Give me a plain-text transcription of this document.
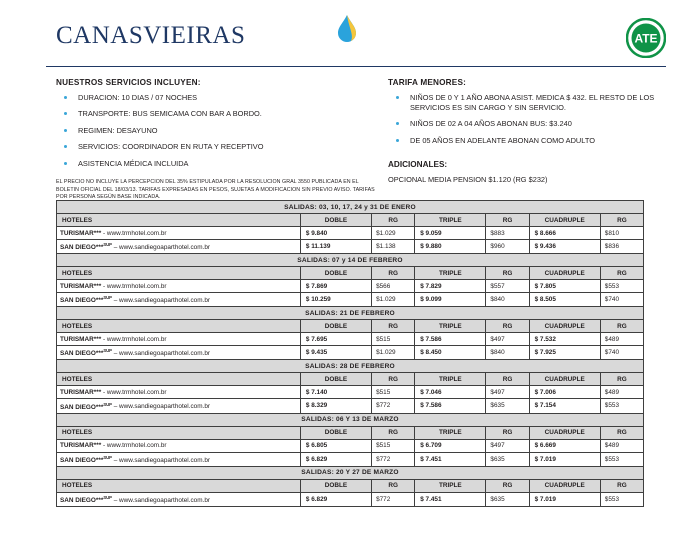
CANASVIEIRAS	ATE
NUESTROS SERVICIOS INCLUYEN:
DURACION: 10 DIAS / 07 NOCHES
TRANSPORTE: BUS SEMICAMA CON BAR A BORDO.
REGIMEN: DESAYUNO
SERVICIOS: COORDINADOR EN RUTA Y RECEPTIVO
ASISTENCIA MÉDICA INCLUIDA
EL PRECIO NO INCLUYE LA PERCEPCION DEL 35% ESTIPULADA POR LA RESOLUCION GRAL 3550 PUBLICADA EN EL BOLETIN OFICIAL DEL 18/03/13. TARIFAS EXPRESADAS EN PESOS, SUJETAS A MODIFICACION SIN PREVIO AVISO. TARIFAS POR PERSONA SEGÚN BASE INDICADA.
TARIFA MENORES:
NIÑOS DE 0 Y 1 AÑO ABONA ASIST. MEDICA $ 432. EL RESTO DE LOS SERVICIOS ES SIN CARGO Y SIN SERVICIO.
NIÑOS DE 02 A 04 AÑOS ABONAN BUS: $3.240
DE 05 AÑOS EN ADELANTE ABONAN COMO ADULTO
ADICIONALES:
OPCIONAL MEDIA PENSION $1.120 (RG $232)
SALIDAS: 03, 10, 17, 24 y 31 DE ENERO						
HOTELES	DOBLE	RG	TRIPLE	RG	CUADRUPLE	RG
TURISMAR*** - www.trmhotel.com.br	$ 9.840	$1.029	$ 9.059	$883	$ 8.666	$810
SAN DIEGO***$^{SUP}$ – www.sandiegoaparthotel.com.br	$ 11.139	$1.138	$ 9.880	$960	$ 9.436	$836
SALIDAS: 07 y 14 DE FEBRERO						
HOTELES	DOBLE	RG	TRIPLE	RG	CUADRUPLE	RG
TURISMAR*** - www.trmhotel.com.br	$ 7.869	$566	$ 7.829	$557	$ 7.805	$553
SAN DIEGO***$^{SUP}$ – www.sandiegoaparthotel.com.br	$ 10.259	$1.029	$ 9.099	$840	$ 8.505	$740
SALIDAS: 21 DE FEBRERO						
HOTELES	DOBLE	RG	TRIPLE	RG	CUADRUPLE	RG
TURISMAR*** - www.trmhotel.com.br	$ 7.695	$515	$ 7.586	$497	$ 7.532	$489
SAN DIEGO***$^{SUP}$ – www.sandiegoaparthotel.com.br	$ 9.435	$1.029	$ 8.450	$840	$ 7.925	$740
SALIDAS: 28 DE FEBRERO						
HOTELES	DOBLE	RG	TRIPLE	RG	CUADRUPLE	RG
TURISMAR*** - www.trmhotel.com.br	$ 7.140	$515	$ 7.046	$497	$ 7.006	$489
SAN DIEGO***$^{SUP}$ – www.sandiegoaparthotel.com.br	$ 8.329	$772	$ 7.586	$635	$ 7.154	$553
SALIDAS: 06 Y 13 DE MARZO						
HOTELES	DOBLE	RG	TRIPLE	RG	CUADRUPLE	RG
TURISMAR*** - www.trmhotel.com.br	$ 6.805	$515	$ 6.709	$497	$ 6.669	$489
SAN DIEGO***$^{SUP}$ – www.sandiegoaparthotel.com.br	$ 6.829	$772	$ 7.451	$635	$ 7.019	$553
SALIDAS: 20 Y 27 DE MARZO						
HOTELES	DOBLE	RG	TRIPLE	RG	CUADRUPLE	RG
SAN DIEGO***$^{SUP}$ – www.sandiegoaparthotel.com.br	$ 6.829	$772	$ 7.451	$635	$ 7.019	$553
